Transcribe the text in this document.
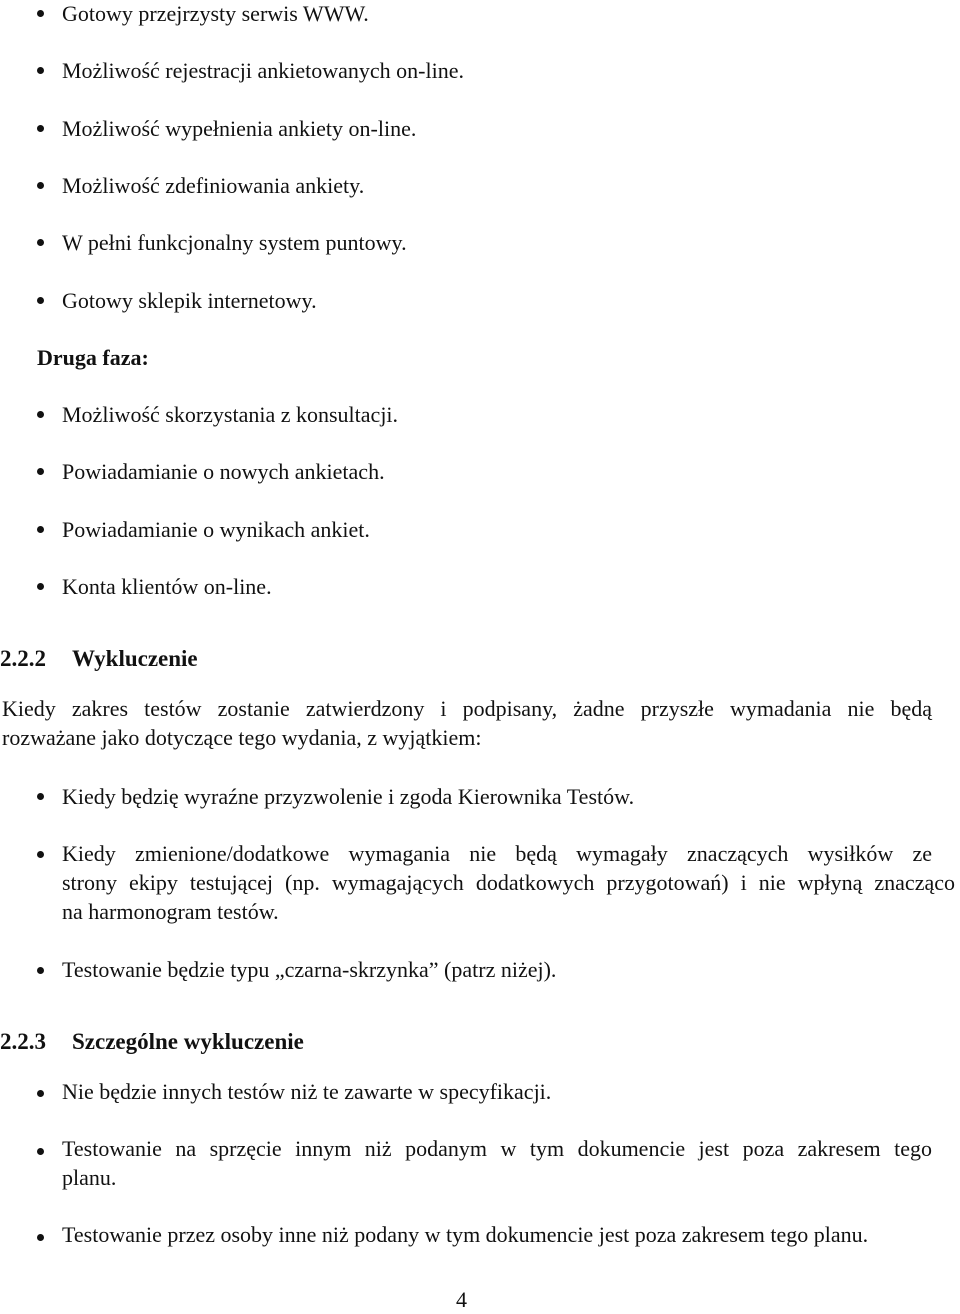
Gotowy przejrzysty serwis WWW.
Możliwość rejestracji ankietowanych on-line.
Możliwość wypełnienia ankiety on-line.
Możliwość zdefiniowania ankiety.
W pełni funkcjonalny system puntowy.
Gotowy sklepik internetowy.
Druga faza:
Możliwość skorzystania z konsultacji.
Powiadamianie o nowych ankietach.
Powiadamianie o wynikach ankiet.
Konta klientów on-line.
2.2.2 Wykluczenie
Kiedy zakres testów zostanie zatwierdzony i podpisany, żadne przyszłe wymadania nie będą
rozważane jako dotyczące tego wydania, z wyjątkiem:
Kiedy będzię wyraźne przyzwolenie i zgoda Kierownika Testów.
Kiedy zmienione/dodatkowe wymagania nie będą wymagały znaczących wysiłków ze
strony ekipy testującej (np. wymagających dodatkowych przygotowań) i nie wpłyną znacząco
na harmonogram testów.
Testowanie będzie typu „czarna-skrzynka” (patrz niżej).
2.2.3 Szczególne wykluczenie
Nie będzie innych testów niż te zawarte w specyfikacji.
Testowanie na sprzęcie innym niż podanym w tym dokumencie jest poza zakresem tego
planu.
Testowanie przez osoby inne niż podany w tym dokumencie jest poza zakresem tego planu.
4
